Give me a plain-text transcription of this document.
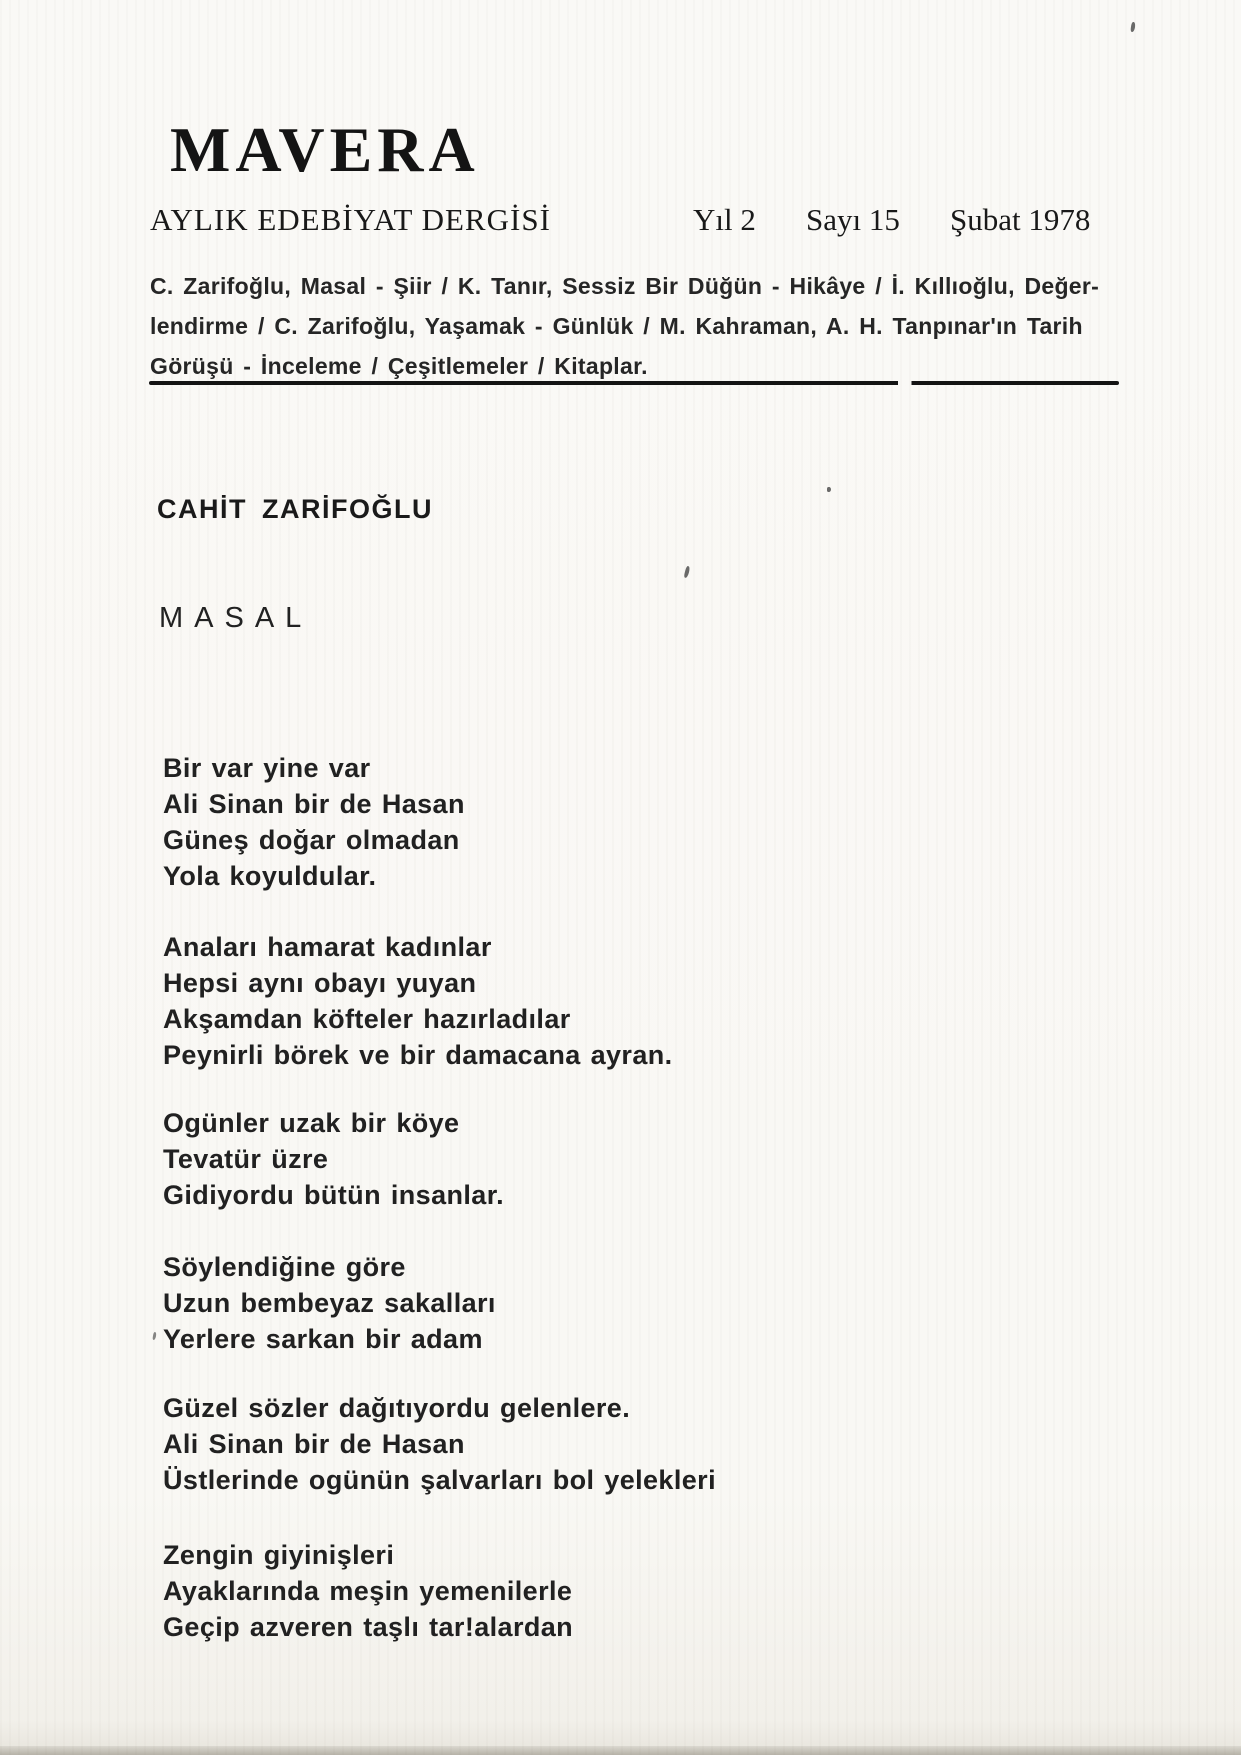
MAVERA
AYLIK EDEBİYAT DERGİSİ	Yıl 2 Sayı 15 Şubat 1978
C. Zarifoğlu, Masal - Şiir / K. Tanır, Sessiz Bir Düğün - Hikâye / İ. Kıllıoğlu, Değer-
lendirme / C. Zarifoğlu, Yaşamak - Günlük / M. Kahraman, A. H. Tanpınar'ın Tarih
Görüşü - İnceleme / Çeşitlemeler / Kitaplar.
CAHİT ZARİFOĞLU
MASAL
Bir var yine var
Ali Sinan bir de Hasan
Güneş doğar olmadan
Yola koyuldular.
Anaları hamarat kadınlar
Hepsi aynı obayı yuyan
Akşamdan köfteler hazırladılar
Peynirli börek ve bir damacana ayran.
Ogünler uzak bir köye
Tevatür üzre
Gidiyordu bütün insanlar.
Söylendiğine göre
Uzun bembeyaz sakalları
Yerlere sarkan bir adam
Güzel sözler dağıtıyordu gelenlere.
Ali Sinan bir de Hasan
Üstlerinde ogünün şalvarları bol yelekleri
Zengin giyinişleri
Ayaklarında meşin yemenilerle
Geçip azveren taşlı tar!alardan
